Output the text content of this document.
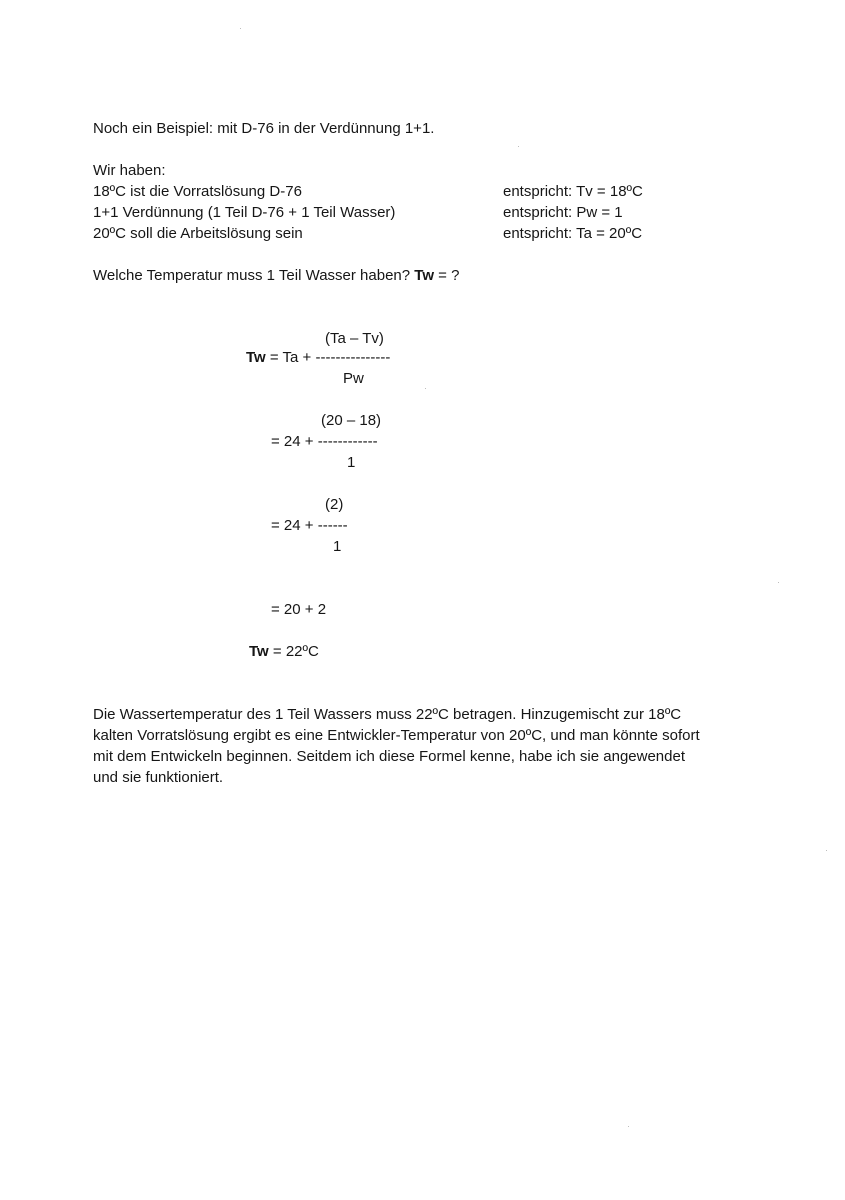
Noch ein Beispiel: mit D-76 in der Verdünnung 1+1.
Wir haben:
18ºC ist die Vorratslösung D-76	entspricht: Tv = 18ºC
1+1 Verdünnung (1 Teil D-76 + 1 Teil Wasser)	entspricht: Pw = 1
20ºC soll die Arbeitslösung sein	entspricht: Ta = 20ºC
Welche Temperatur muss 1 Teil Wasser haben? Tw = ?
(Ta – Tv)
Tw = Ta + ---------------
Pw
(20 – 18)
= 24 + ------------
1
(2)
= 24 + ------
1
= 20 + 2
Tw = 22ºC
Die Wassertemperatur des 1 Teil Wassers muss 22ºC betragen. Hinzugemischt zur 18ºC
kalten Vorratslösung ergibt es eine Entwickler-Temperatur von 20ºC, und man könnte sofort
mit dem Entwickeln beginnen. Seitdem ich diese Formel kenne, habe ich sie angewendet
und sie funktioniert.
